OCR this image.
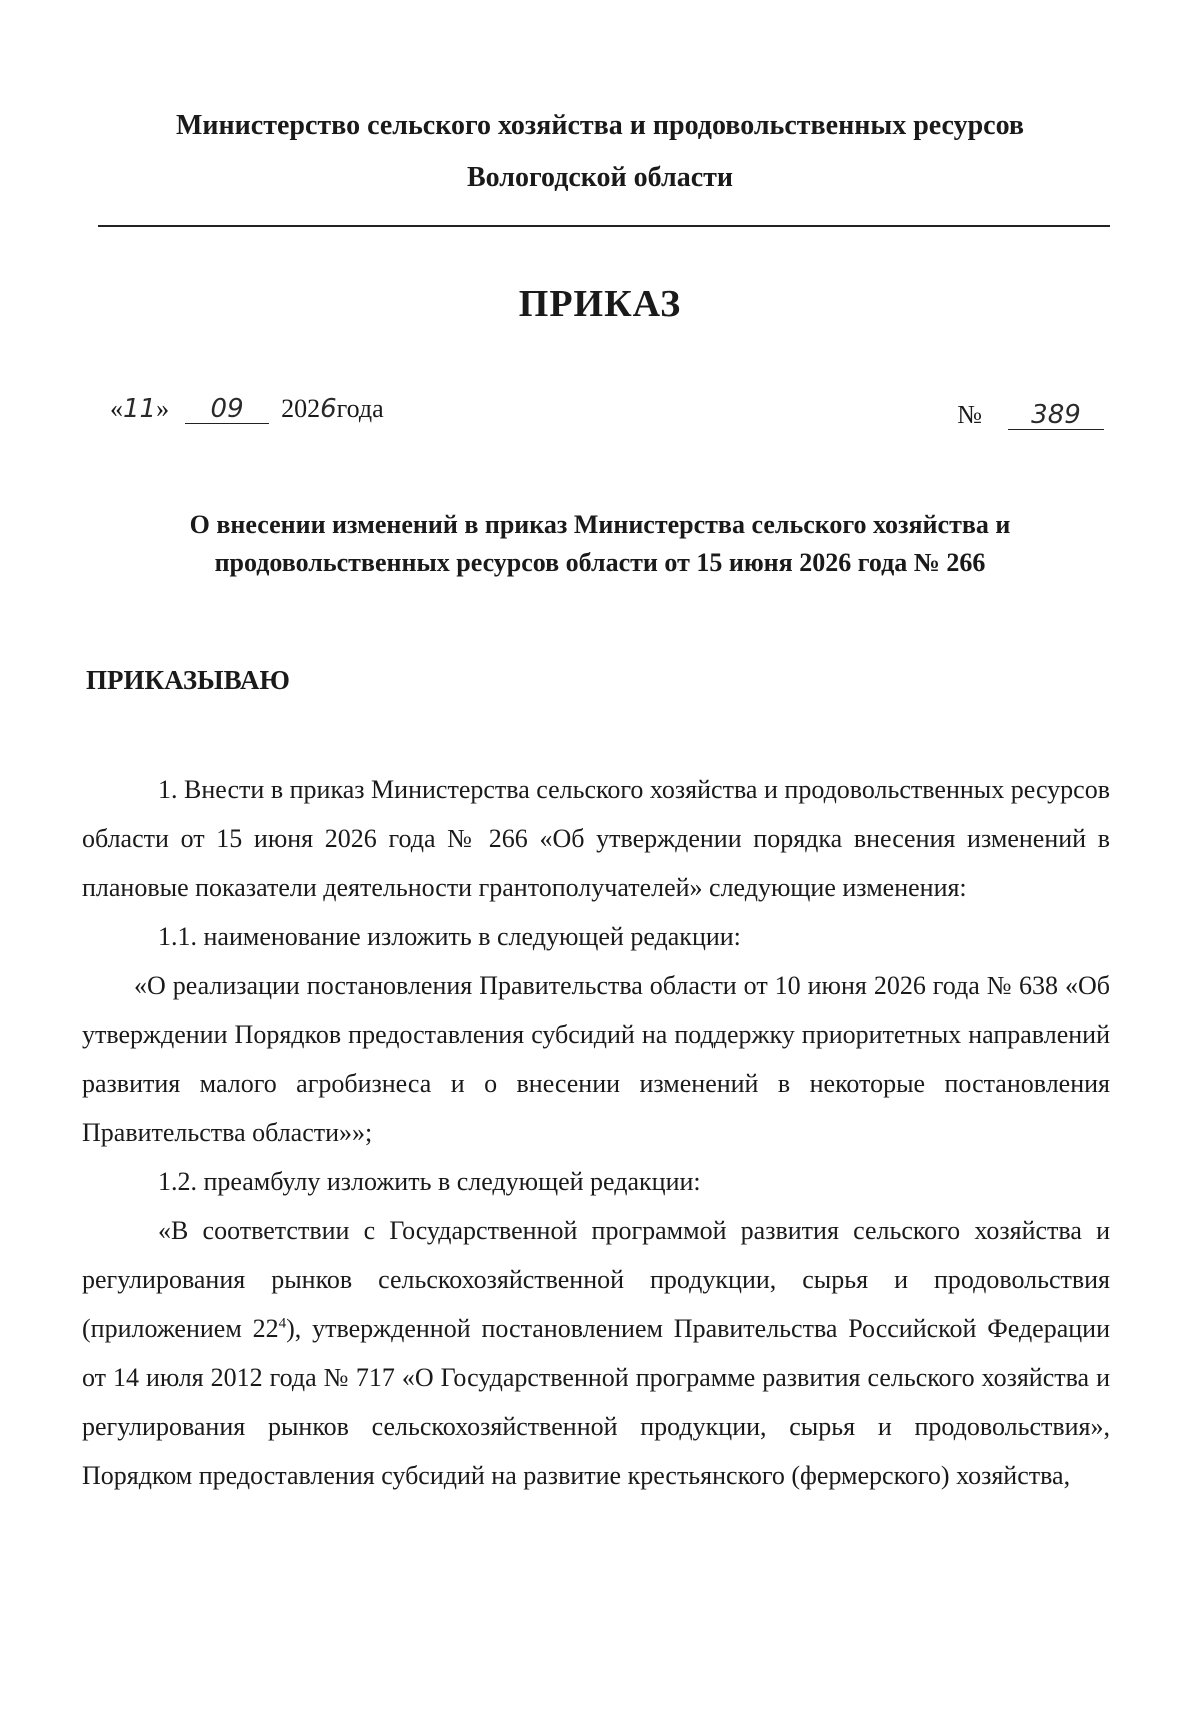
Министерство сельского хозяйства и продовольственных ресурсов
Вологодской области
ПРИКАЗ
« 11 »	09	202 6 года	№	389
О внесении изменений в приказ Министерства сельского хозяйства и
продовольственных ресурсов области от 15 июня 2026 года № 266
ПРИКАЗЫВАЮ

1. Внести в приказ Министерства сельского хозяйства и продовольственных ресурсов области от 15 июня 2026 года № 266 «Об утверждении порядка внесения изменений в плановые показатели деятельности грантополучателей» следующие изменения:

1.1. наименование изложить в следующей редакции:

«О реализации постановления Правительства области от 10 июня 2026 года № 638 «Об утверждении Порядков предоставления субсидий на поддержку приоритетных направлений развития малого агробизнеса и о внесении изменений в некоторые постановления Правительства области»»;

1.2. преамбулу изложить в следующей редакции:

«В соответствии с Государственной программой развития сельского хозяйства и регулирования рынков сельскохозяйственной продукции, сырья и продовольствия (приложением $22^4$), утвержденной постановлением Правительства Российской Федерации от 14 июля 2012 года № 717 «О Государственной программе развития сельского хозяйства и регулирования рынков сельскохозяйственной продукции, сырья и продовольствия», Порядком предоставления субсидий на развитие крестьянского (фермерского) хозяйства,
